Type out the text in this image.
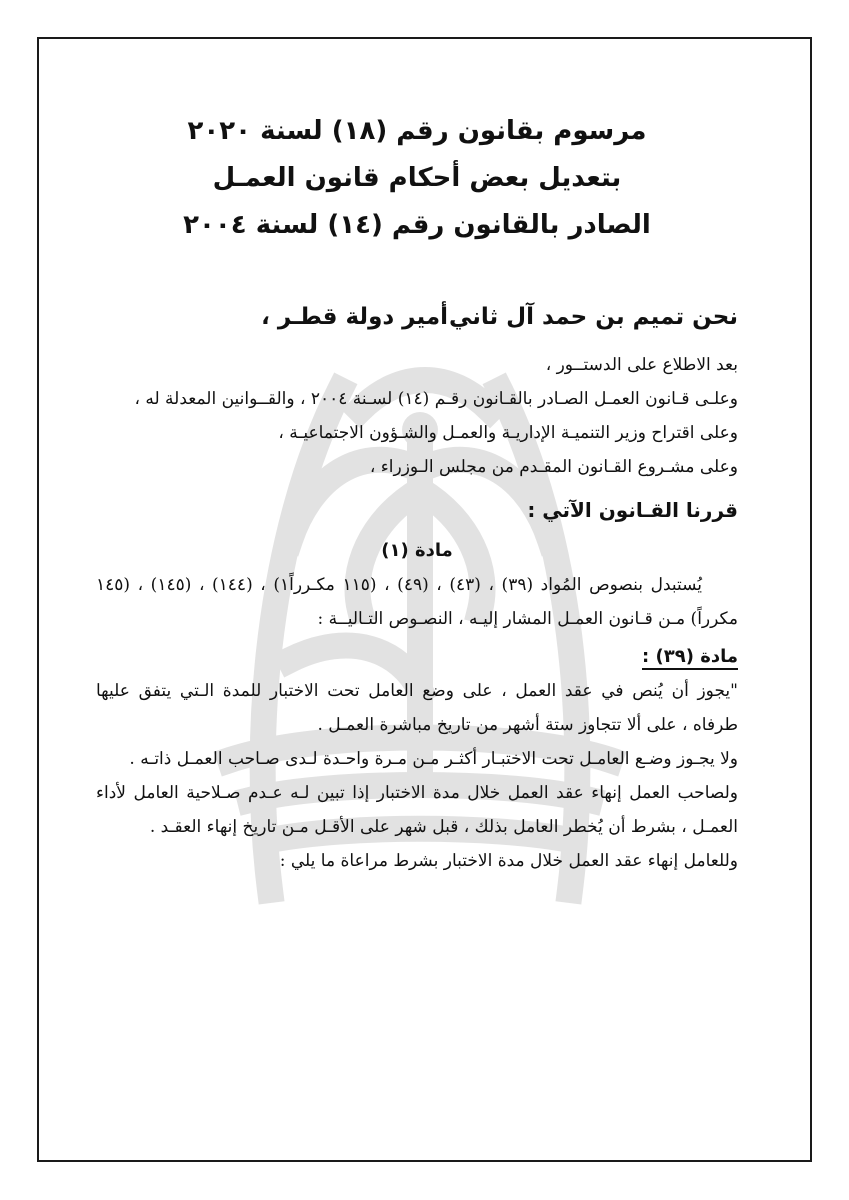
مرسوم بقانون رقم (١٨) لسنة ٢٠٢٠
بتعديل بعض أحكام قانون العمـل
الصادر بالقانون رقم (١٤) لسنة ٢٠٠٤
نحن تميم بن حمد آل ثاني
أمير دولة قطـر ،
بعد الاطلاع على الدستــور ،
وعلـى قـانون العمـل الصـادر بالقـانون رقـم (١٤) لسـنة ٢٠٠٤ ، والقــوانين المعدلة له ،
وعلى اقتراح وزير التنميـة الإداريـة والعمـل والشـؤون الاجتماعيـة ،
وعلى مشـروع القـانون المقـدم من مجلس الـوزراء ،
قررنا القـانون الآتي :
مادة (١)
يُستبدل بنصوص المُواد (٣٩) ، (٤٣) ، (٤٩) ، (١١٥ مكـرراً١) ، (١٤٤) ، (١٤٥) ، (١٤٥ مكرراً) مـن قـانون العمـل المشار إليـه ، النصـوص التـاليــة :
مادة (٣٩) :
"يجوز أن يُنص في عقد العمل ، على وضع العامل تحت الاختبار للمدة الـتي يتفق عليها طرفاه ، على ألا تتجاوز ستة أشهر من تاريخ مباشرة العمـل .
ولا يجـوز وضـع العامـل تحت الاختبـار أكثـر مـن مـرة واحـدة لـدى صـاحب العمـل ذاتـه .
ولصاحب العمل إنهاء عقد العمل خلال مدة الاختبار إذا تبين لـه عـدم صـلاحية العامل لأداء العمـل ، بشرط أن يُخطر العامل بذلك ، قبل شهر على الأقـل مـن تاريخ إنهاء العقـد .
وللعامل إنهاء عقد العمل خلال مدة الاختبار بشرط مراعاة ما يلي :
